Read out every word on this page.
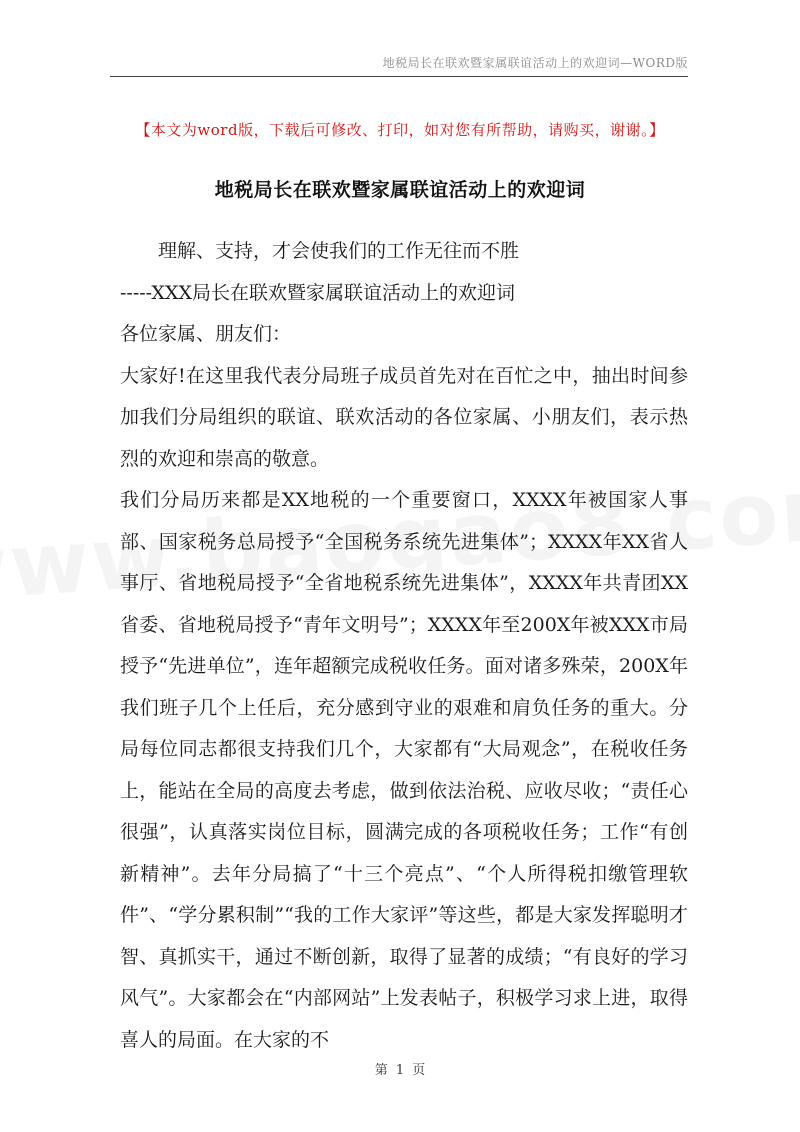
地税局长在联欢暨家属联谊活动上的欢迎词—WORD版
【本文为word版，下载后可修改、打印，如对您有所帮助，请购买，谢谢。】
地税局长在联欢暨家属联谊活动上的欢迎词

理解、支持，才会使我们的工作无往而不胜

-----XXX局长在联欢暨家属联谊活动上的欢迎词

各位家属、朋友们：

大家好!在这里我代表分局班子成员首先对在百忙之中，抽出时间参加我们分局组织的联谊、联欢活动的各位家属、小朋友们，表示热烈的欢迎和崇高的敬意。

我们分局历来都是XX地税的一个重要窗口，XXXX年被国家人事部、国家税务总局授予“全国税务系统先进集体”；XXXX年XX省人事厅、省地税局授予“全省地税系统先进集体”，XXXX年共青团XX省委、省地税局授予“青年文明号”；XXXX年至200X年被XXX市局授予“先进单位”，连年超额完成税收任务。面对诸多殊荣，200X年我们班子几个上任后，充分感到守业的艰难和肩负任务的重大。分局每位同志都很支持我们几个，大家都有“大局观念”，在税收任务上，能站在全局的高度去考虑，做到依法治税、应收尽收；“责任心很强”，认真落实岗位目标，圆满完成的各项税收任务；工作“有创新精神”。去年分局搞了“十三个亮点”、“个人所得税扣缴管理软件”、“学分累积制”“我的工作大家评”等这些，都是大家发挥聪明才智、真抓实干，通过不断创新，取得了显著的成绩；“有良好的学习风气”。大家都会在“内部网站”上发表帖子，积极学习求上进，取得喜人的局面。在大家的不

第 1 页
